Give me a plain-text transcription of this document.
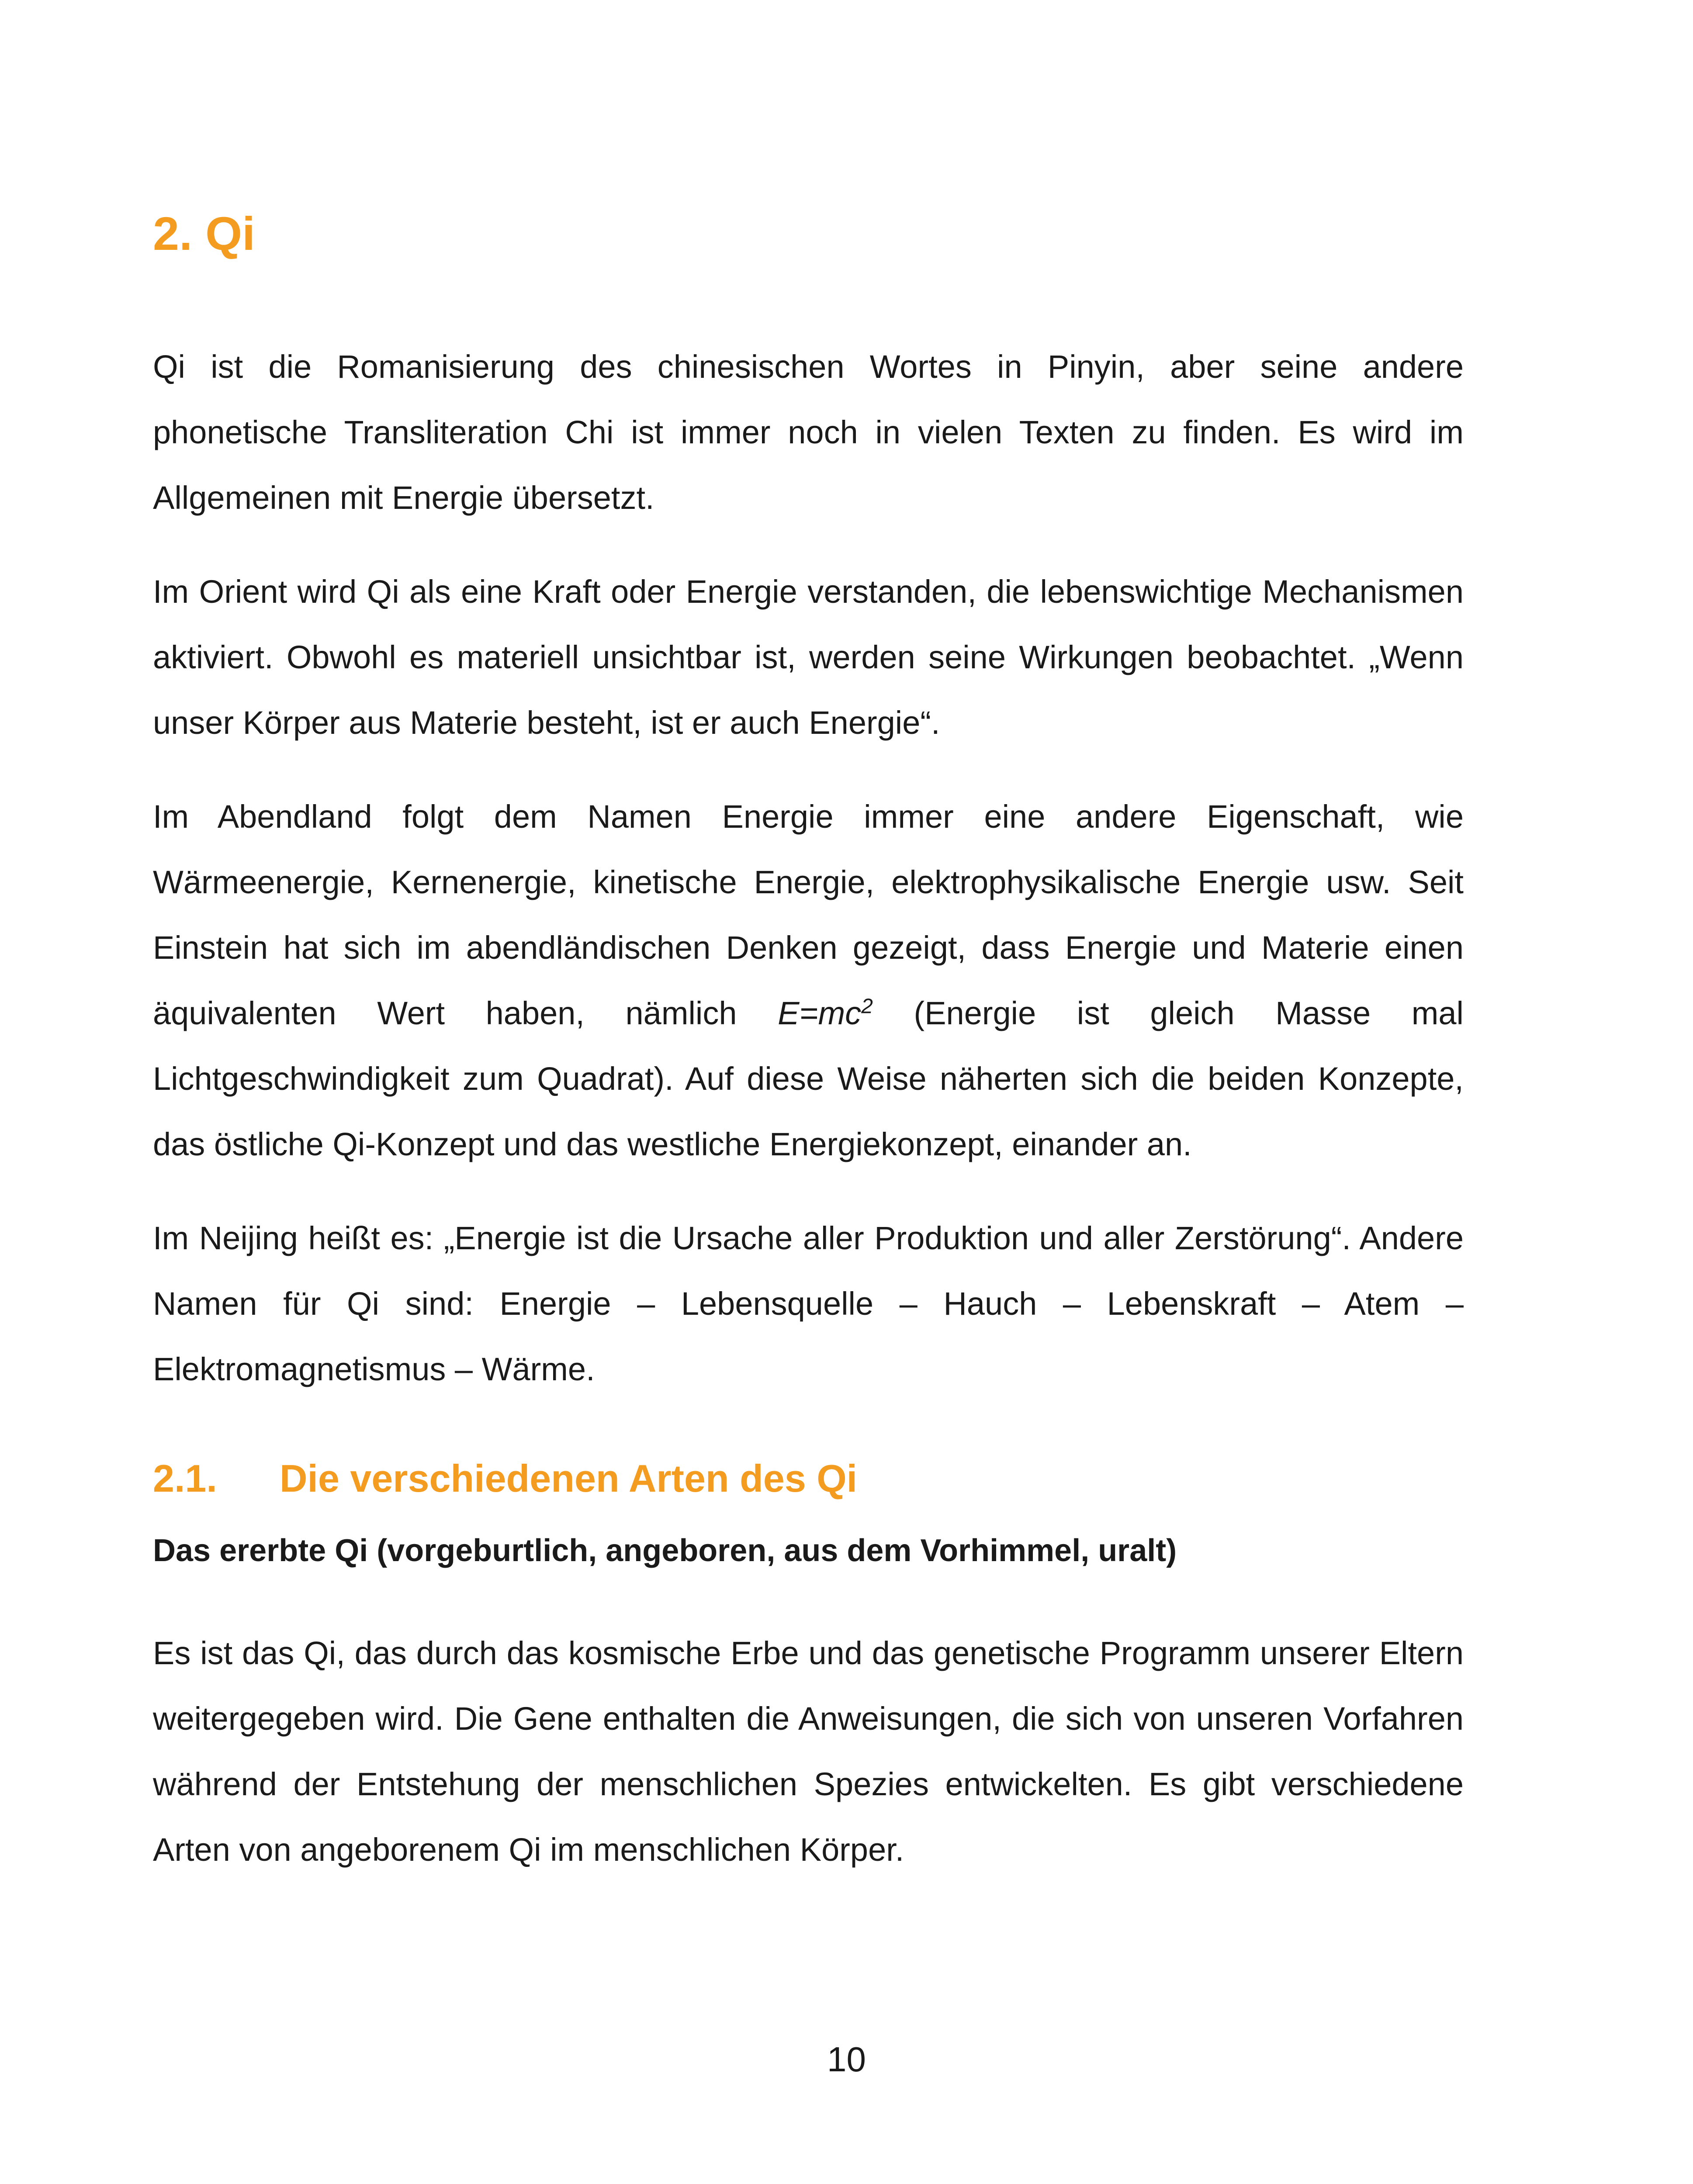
2. Qi

Qi ist die Romanisierung des chinesischen Wortes in Pinyin, aber seine andere phonetische Transliteration Chi ist immer noch in vielen Texten zu finden. Es wird im Allgemeinen mit Energie übersetzt.

Im Orient wird Qi als eine Kraft oder Energie verstanden, die lebenswichtige Mechanismen aktiviert. Obwohl es materiell unsichtbar ist, werden seine Wirkungen beobachtet. „Wenn unser Körper aus Materie besteht, ist er auch Energie“.

Im Abendland folgt dem Namen Energie immer eine andere Eigenschaft, wie Wärmeenergie, Kernenergie, kinetische Energie, elektrophysikalische Energie usw. Seit Einstein hat sich im abendländischen Denken gezeigt, dass Energie und Materie einen äquivalenten Wert haben, nämlich $E=mc^2$ (Energie ist gleich Masse mal Lichtgeschwindigkeit zum Quadrat). Auf diese Weise näherten sich die beiden Konzepte, das östliche Qi-Konzept und das westliche Energiekonzept, einander an.

Im Neijing heißt es: „Energie ist die Ursache aller Produktion und aller Zerstörung“. Andere Namen für Qi sind: Energie – Lebensquelle – Hauch – Lebenskraft – Atem – Elektromagnetismus – Wärme.

2.1.	Die verschiedenen Arten des Qi

Das ererbte Qi (vorgeburtlich, angeboren, aus dem Vorhimmel, uralt)

Es ist das Qi, das durch das kosmische Erbe und das genetische Programm unserer Eltern weitergegeben wird. Die Gene enthalten die Anweisungen, die sich von unseren Vorfahren während der Entstehung der menschlichen Spezies entwickelten. Es gibt verschiedene Arten von angeborenem Qi im menschlichen Körper.

10
